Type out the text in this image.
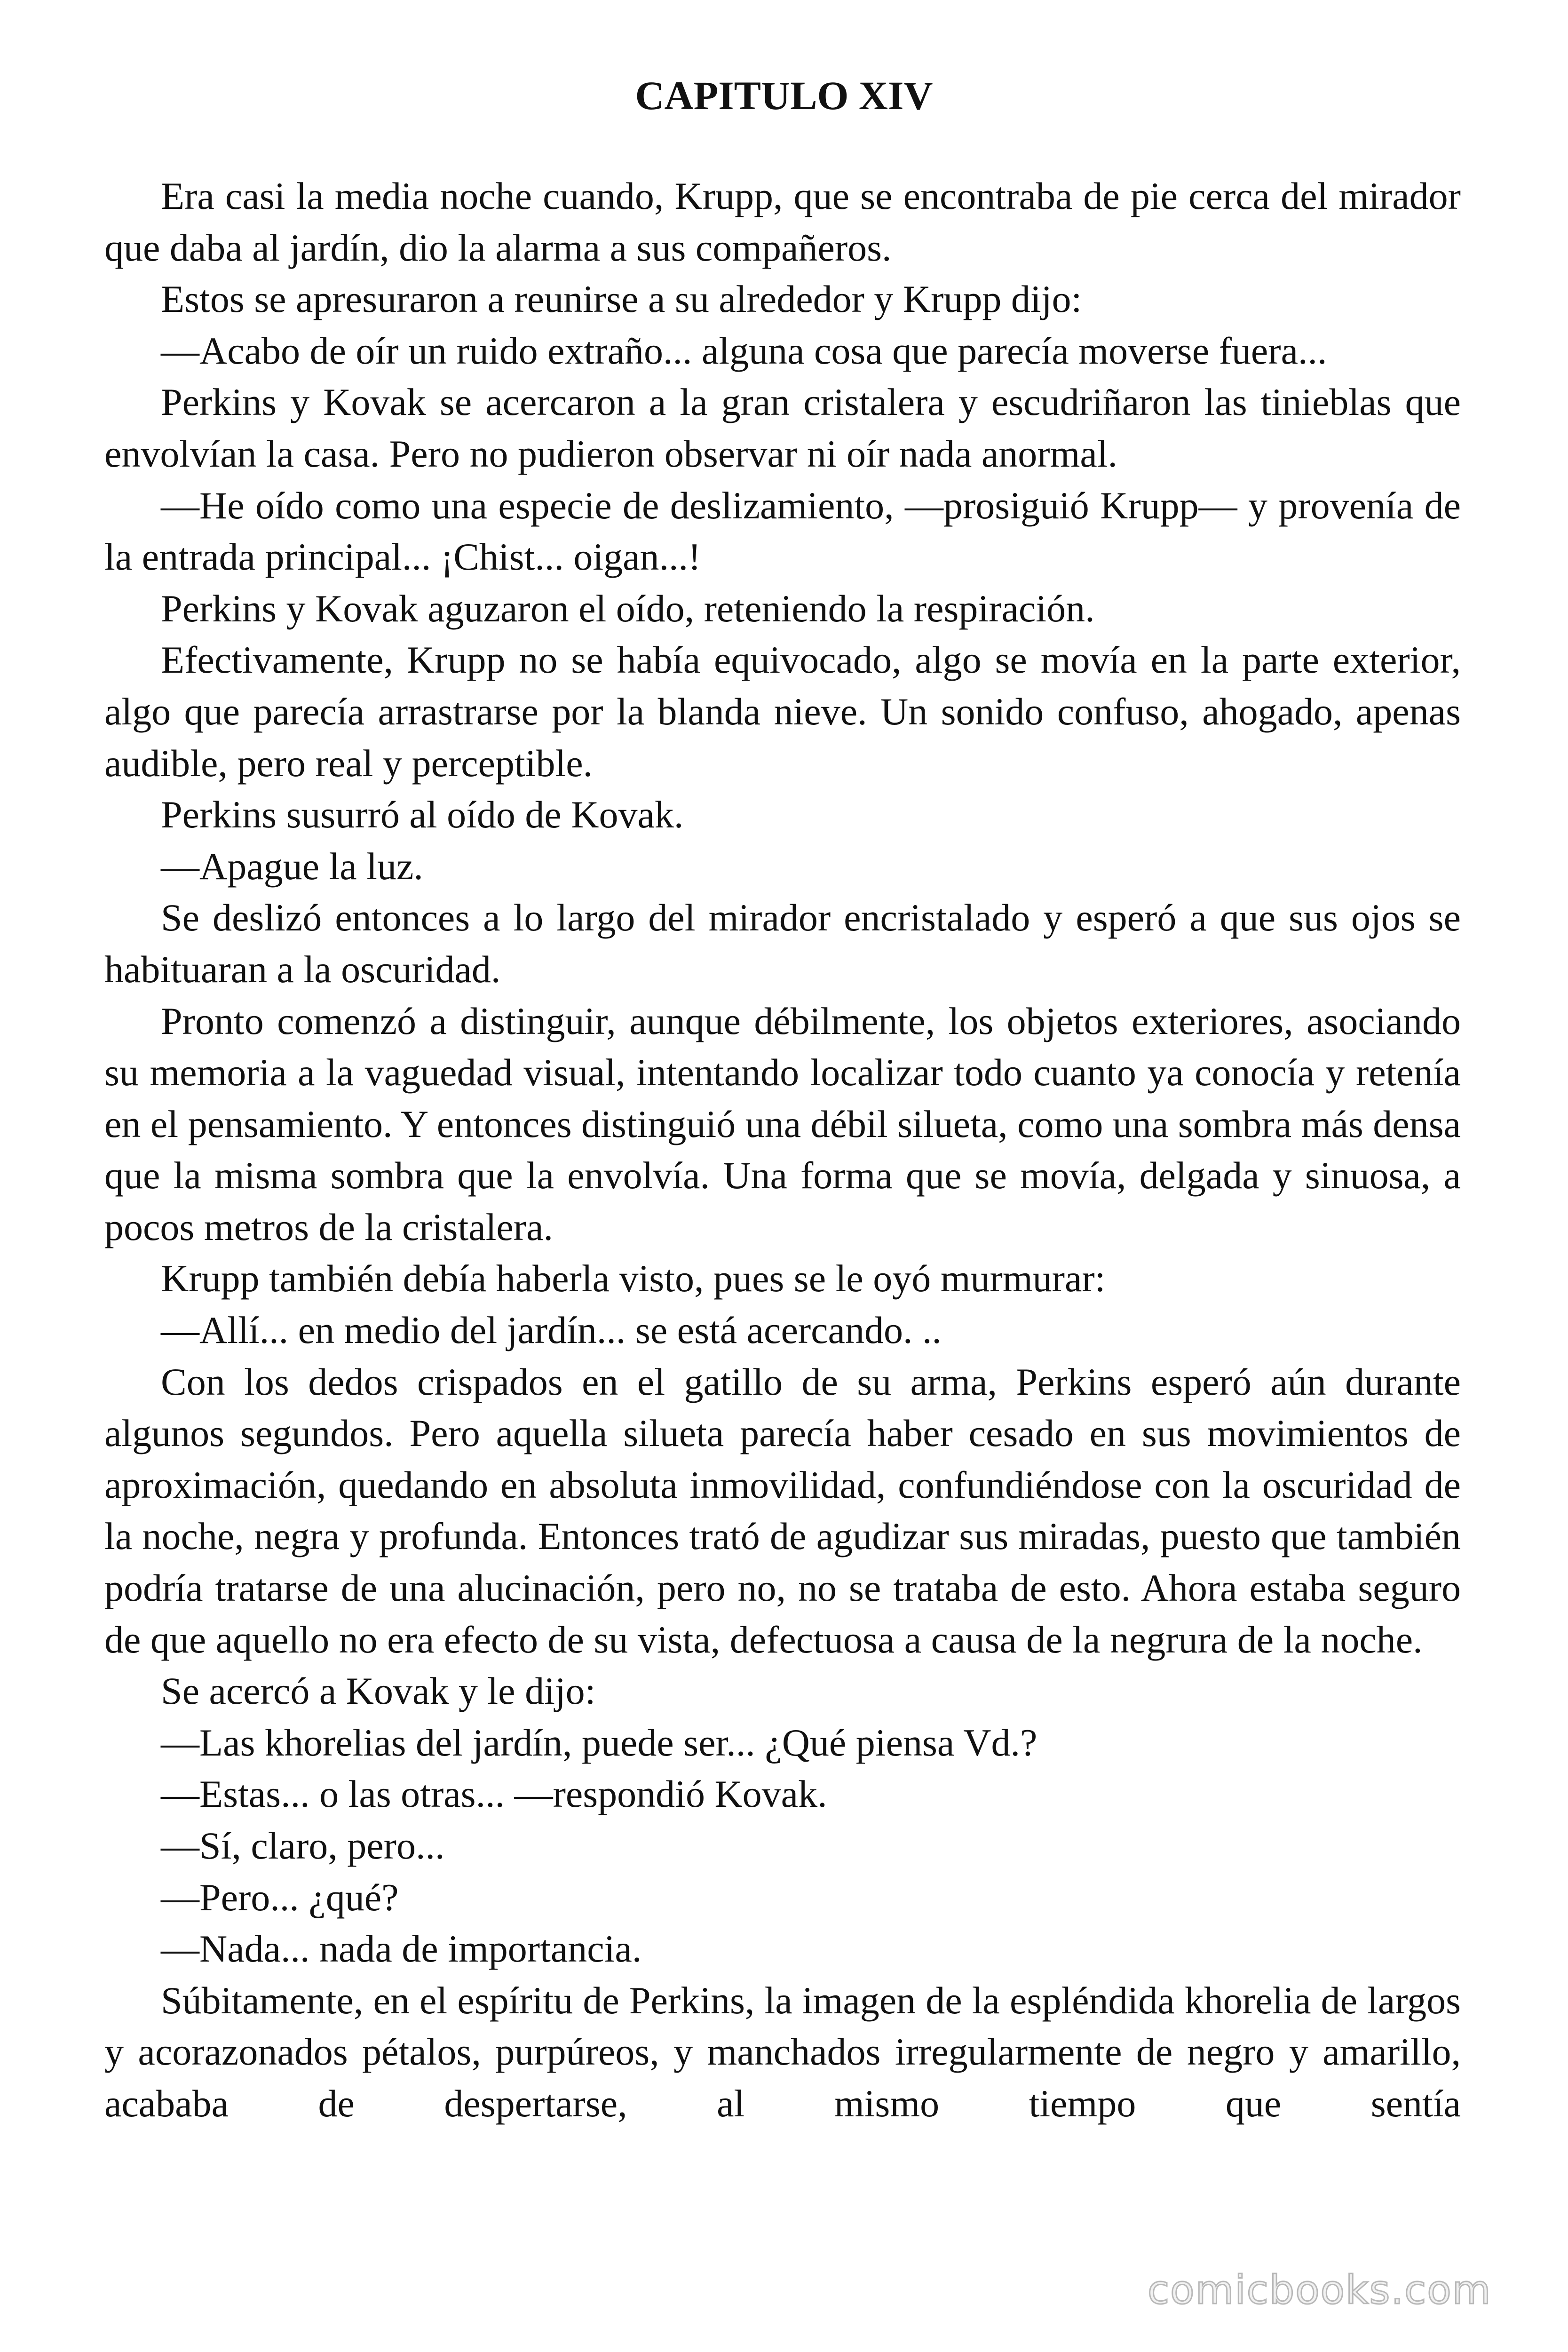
CAPITULO XIV

Era casi la media noche cuando, Krupp, que se encontraba de pie cerca del mirador que daba al jardín, dio la alarma a sus compañeros.

Estos se apresuraron a reunirse a su alrededor y Krupp dijo:

—Acabo de oír un ruido extraño... alguna cosa que parecía moverse fuera...

Perkins y Kovak se acercaron a la gran cristalera y escudriñaron las tinieblas que envolvían la casa. Pero no pudieron observar ni oír nada anormal.

—He oído como una especie de deslizamiento, —prosiguió Krupp— y provenía de la entrada principal... ¡Chist... oigan...!

Perkins y Kovak aguzaron el oído, reteniendo la respiración.

Efectivamente, Krupp no se había equivocado, algo se movía en la parte exterior, algo que parecía arrastrarse por la blanda nieve. Un sonido confuso, ahogado, apenas audible, pero real y perceptible.

Perkins susurró al oído de Kovak.

—Apague la luz.

Se deslizó entonces a lo largo del mirador encristalado y esperó a que sus ojos se habituaran a la oscuridad.

Pronto comenzó a distinguir, aunque débilmente, los objetos exteriores, asociando su memoria a la vaguedad visual, intentando localizar todo cuanto ya conocía y retenía en el pensamiento. Y entonces distinguió una débil silueta, como una sombra más densa que la misma sombra que la envolvía. Una forma que se movía, delgada y sinuosa, a pocos metros de la cristalera.

Krupp también debía haberla visto, pues se le oyó murmurar:

—Allí... en medio del jardín... se está acercando. ..

Con los dedos crispados en el gatillo de su arma, Perkins esperó aún durante algunos segundos. Pero aquella silueta parecía haber cesado en sus movimientos de aproximación, quedando en absoluta inmovilidad, confundiéndose con la oscuridad de la noche, negra y profunda. Entonces trató de agudizar sus miradas, puesto que también podría tratarse de una alucinación, pero no, no se trataba de esto. Ahora estaba seguro de que aquello no era efecto de su vista, defectuosa a causa de la negrura de la noche.

Se acercó a Kovak y le dijo:

—Las khorelias del jardín, puede ser... ¿Qué piensa Vd.?

—Estas... o las otras... —respondió Kovak.

—Sí, claro, pero...

—Pero... ¿qué?

—Nada... nada de importancia.

Súbitamente, en el espíritu de Perkins, la imagen de la espléndida khorelia de largos y acorazonados pétalos, purpúreos, y manchados irregularmente de negro y amarillo, acababa de despertarse, al mismo tiempo que sentía

comicbooks.com
